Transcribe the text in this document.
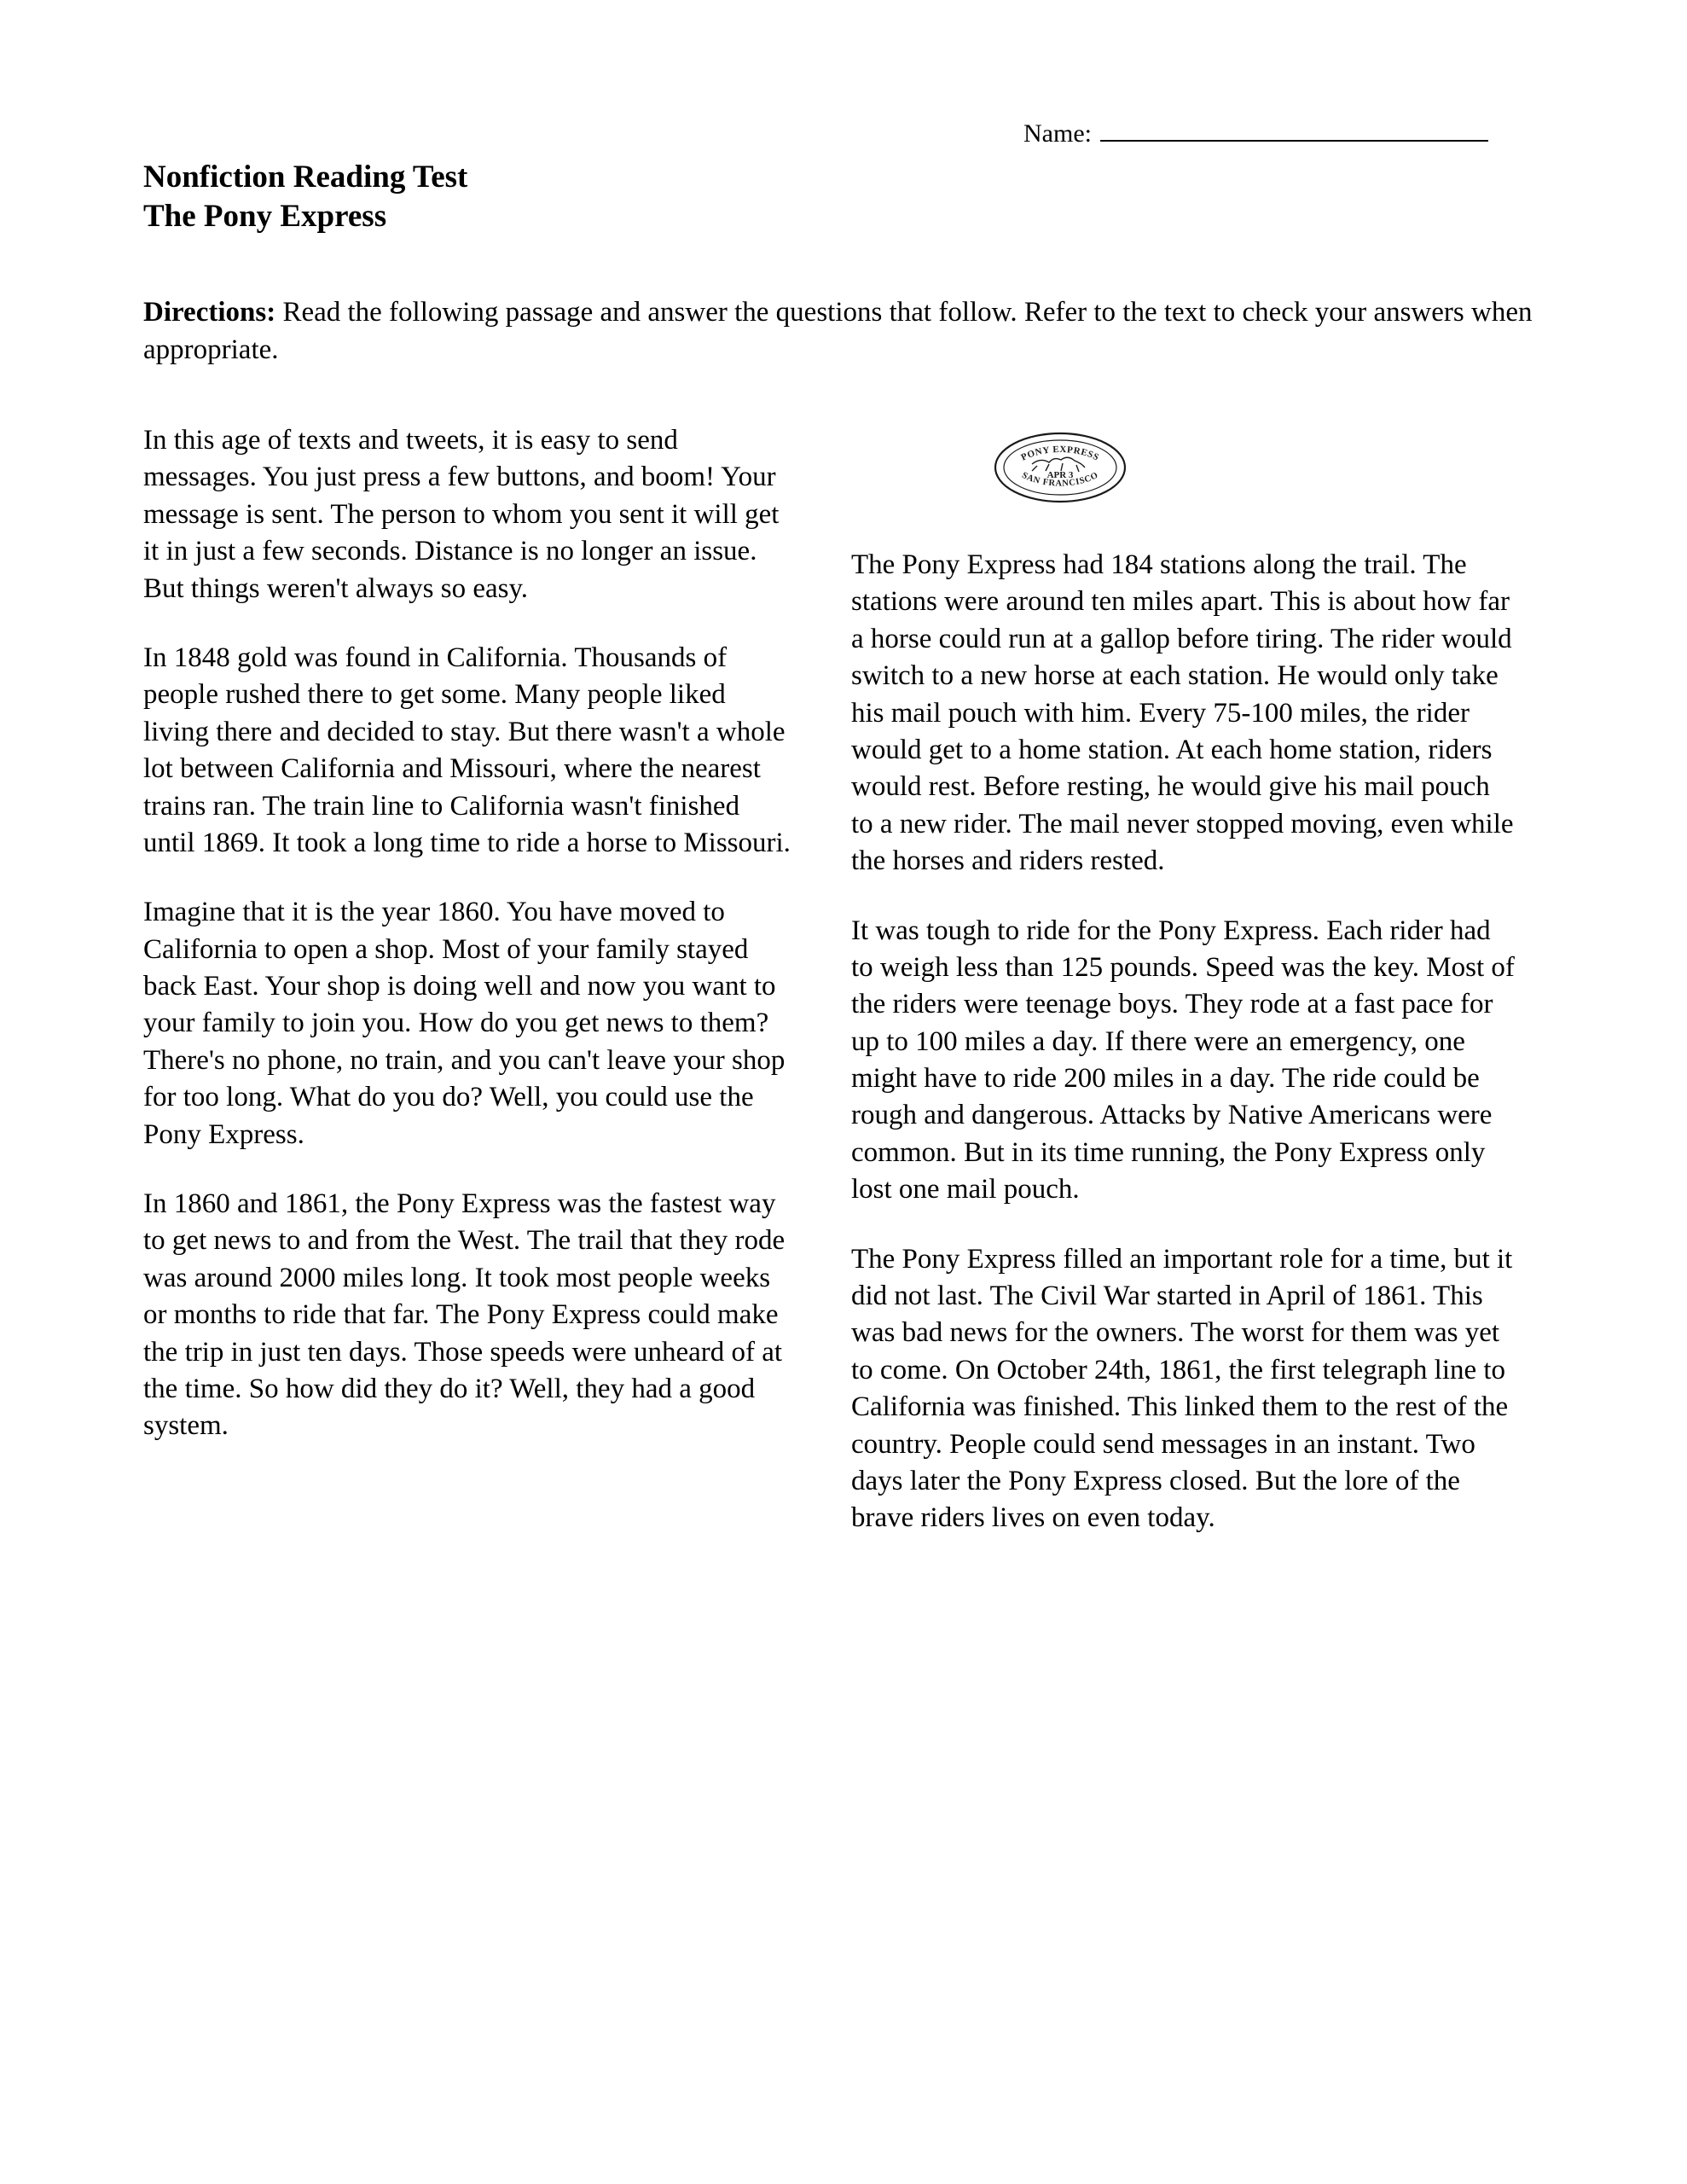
Name:
Nonfiction Reading Test
The Pony Express
Directions: Read the following passage and answer the questions that follow. Refer to the text to check your answers when appropriate.
PONY EXPRESS
SAN FRANCISCO
APR 3

In this age of texts and tweets, it is easy to send messages. You just press a few buttons, and boom! Your message is sent. The person to whom you sent it will get it in just a few seconds. Distance is no longer an issue. But things weren't always so easy.

In 1848 gold was found in California. Thousands of people rushed there to get some. Many people liked living there and decided to stay. But there wasn't a whole lot between California and Missouri, where the nearest trains ran. The train line to California wasn't finished until 1869. It took a long time to ride a horse to Missouri.

Imagine that it is the year 1860. You have moved to California to open a shop. Most of your family stayed back East. Your shop is doing well and now you want to your family to join you. How do you get news to them? There's no phone, no train, and you can't leave your shop for too long. What do you do? Well, you could use the Pony Express.

In 1860 and 1861, the Pony Express was the fastest way to get news to and from the West. The trail that they rode was around 2000 miles long. It took most people weeks or months to ride that far. The Pony Express could make the trip in just ten days. Those speeds were unheard of at the time. So how did they do it? Well, they had a good system.

The Pony Express had 184 stations along the trail. The stations were around ten miles apart. This is about how far a horse could run at a gallop before tiring. The rider would switch to a new horse at each station. He would only take his mail pouch with him. Every 75-100 miles, the rider would get to a home station. At each home station, riders would rest. Before resting, he would give his mail pouch to a new rider. The mail never stopped moving, even while the horses and riders rested.

It was tough to ride for the Pony Express. Each rider had to weigh less than 125 pounds. Speed was the key. Most of the riders were teenage boys. They rode at a fast pace for up to 100 miles a day. If there were an emergency, one might have to ride 200 miles in a day. The ride could be rough and dangerous. Attacks by Native Americans were common. But in its time running, the Pony Express only lost one mail pouch.

The Pony Express filled an important role for a time, but it did not last. The Civil War started in April of 1861. This was bad news for the owners. The worst for them was yet to come. On October 24th, 1861, the first telegraph line to California was finished. This linked them to the rest of the country. People could send messages in an instant. Two days later the Pony Express closed. But the lore of the brave riders lives on even today.
